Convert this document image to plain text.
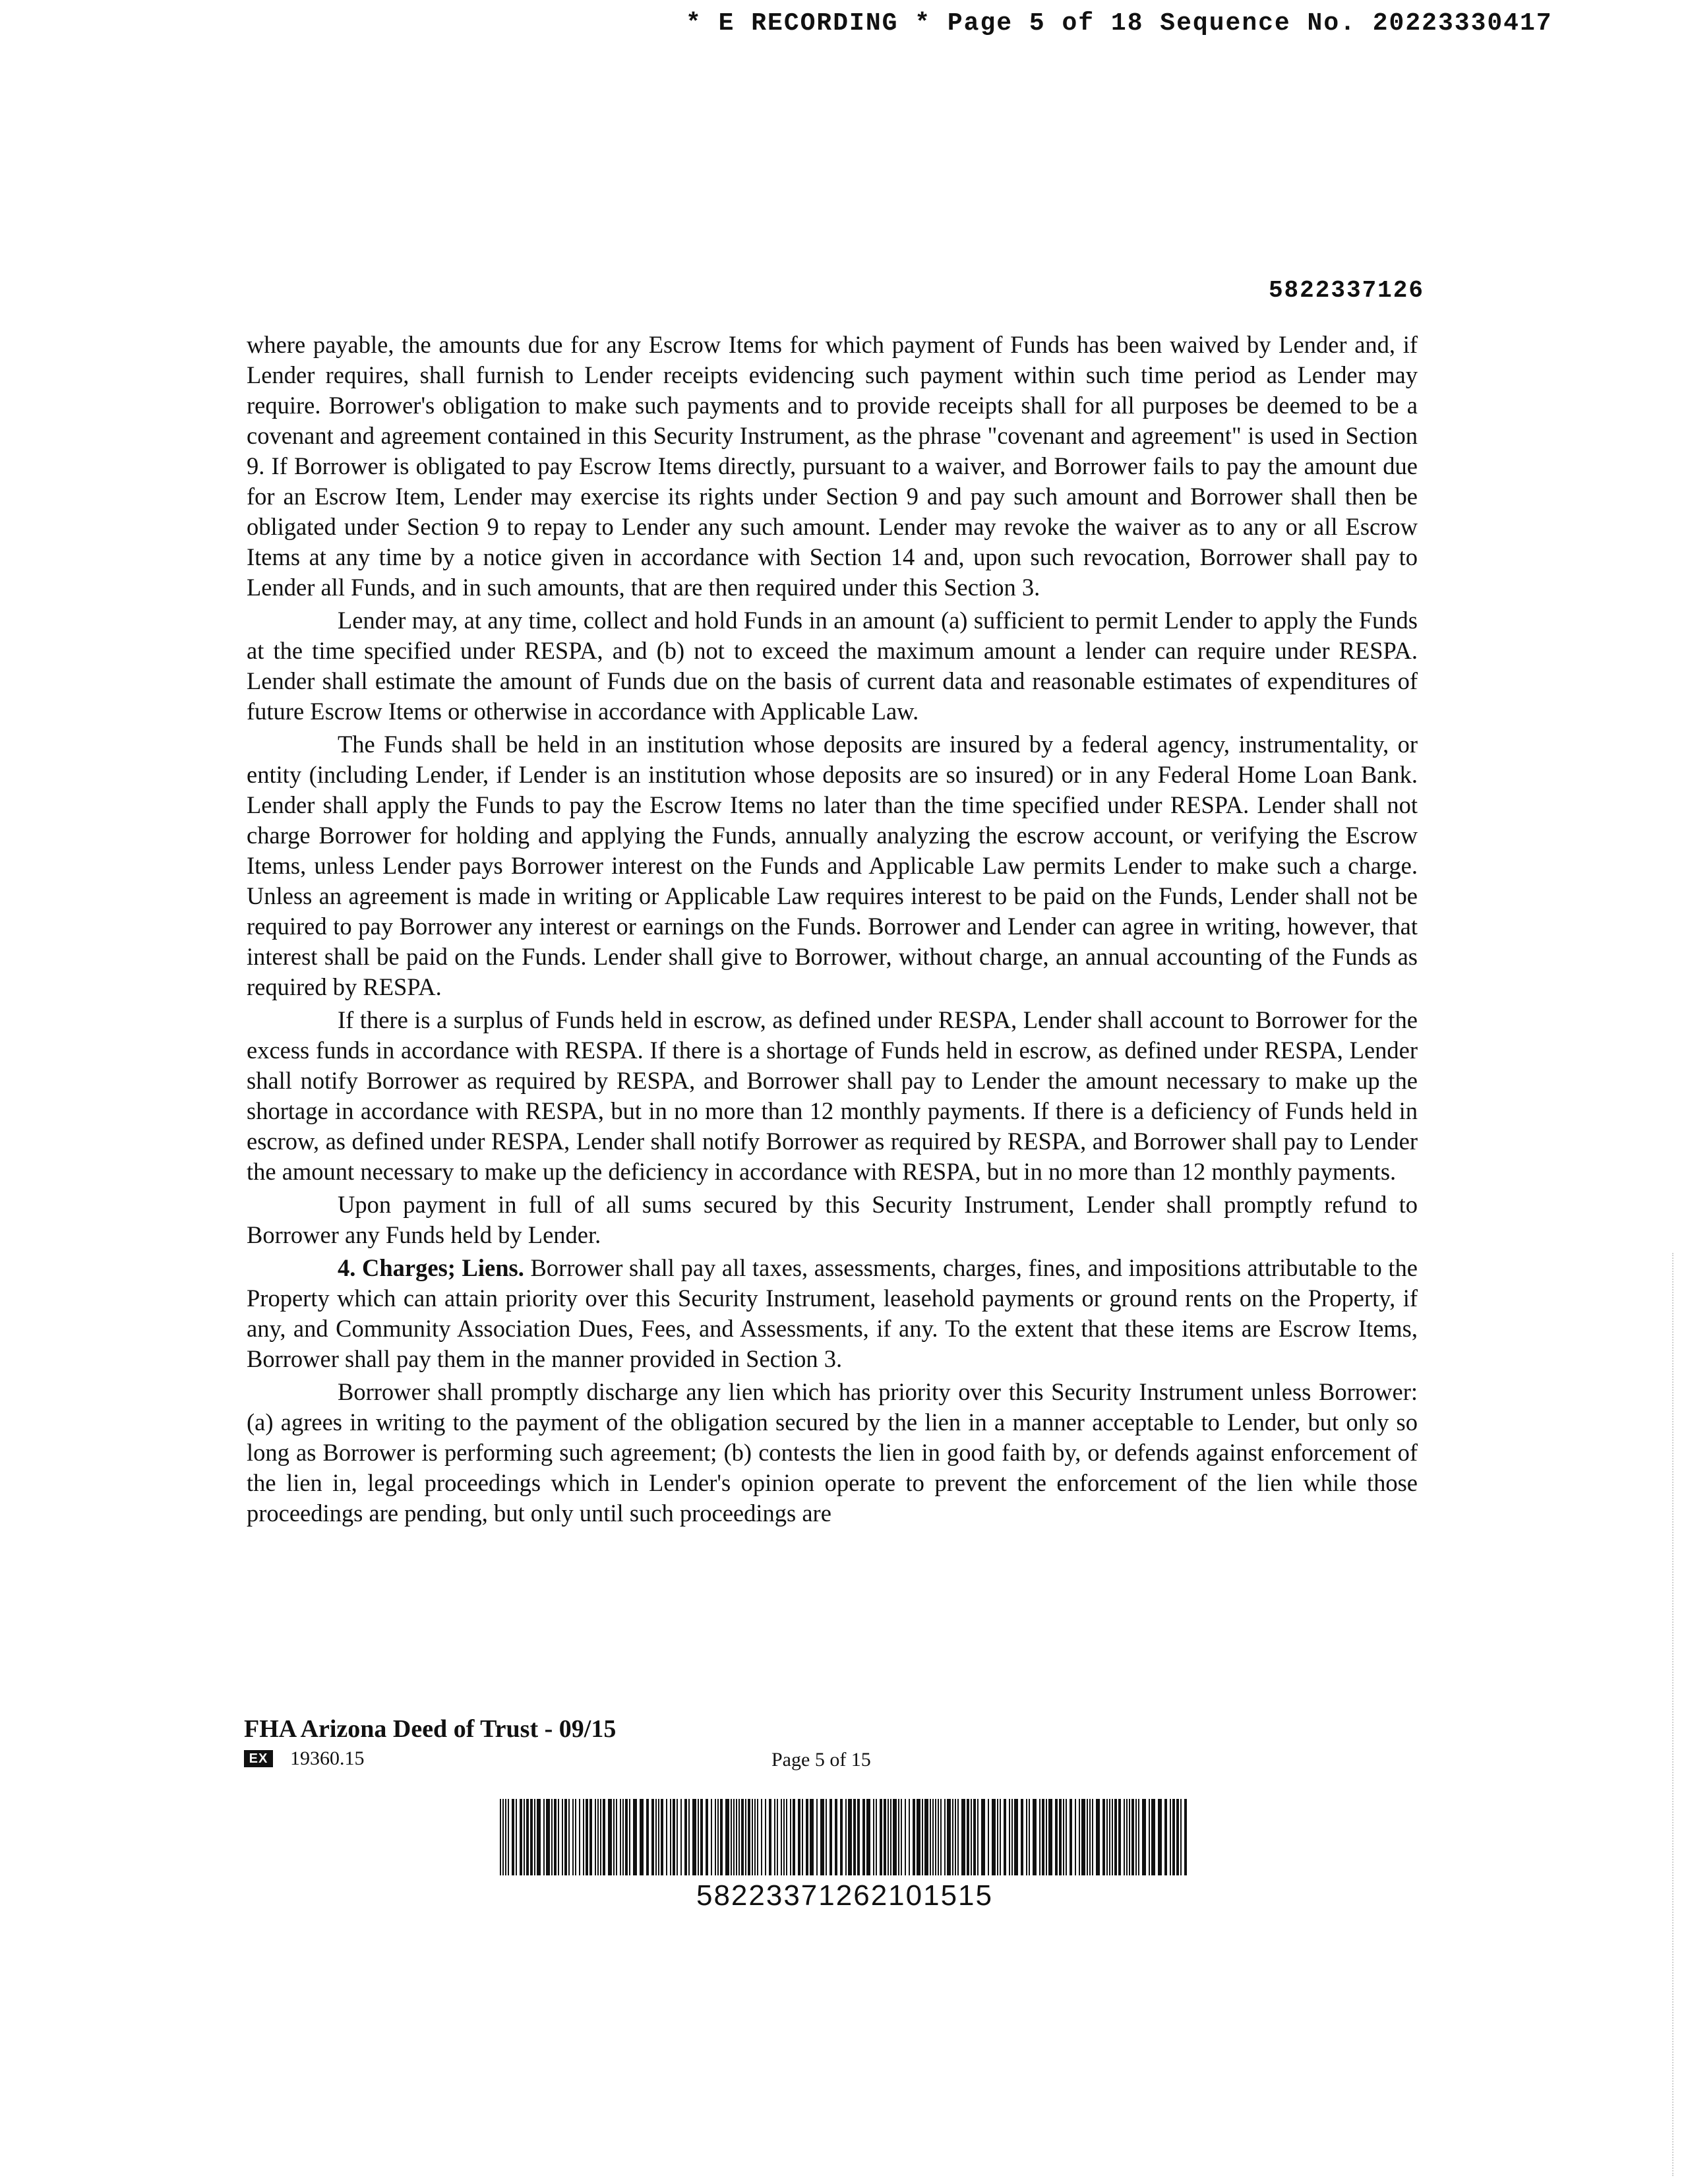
* E RECORDING * Page 5 of 18 Sequence No. 20223330417
5822337126

where payable, the amounts due for any Escrow Items for which payment of Funds has been waived by Lender and, if Lender requires, shall furnish to Lender receipts evidencing such payment within such time period as Lender may require. Borrower's obligation to make such payments and to provide receipts shall for all purposes be deemed to be a covenant and agreement contained in this Security Instrument, as the phrase "covenant and agreement" is used in Section 9. If Borrower is obligated to pay Escrow Items directly, pursuant to a waiver, and Borrower fails to pay the amount due for an Escrow Item, Lender may exercise its rights under Section 9 and pay such amount and Borrower shall then be obligated under Section 9 to repay to Lender any such amount. Lender may revoke the waiver as to any or all Escrow Items at any time by a notice given in accordance with Section 14 and, upon such revocation, Borrower shall pay to Lender all Funds, and in such amounts, that are then required under this Section 3.

Lender may, at any time, collect and hold Funds in an amount (a) sufficient to permit Lender to apply the Funds at the time specified under RESPA, and (b) not to exceed the maximum amount a lender can require under RESPA. Lender shall estimate the amount of Funds due on the basis of current data and reasonable estimates of expenditures of future Escrow Items or otherwise in accordance with Applicable Law.

The Funds shall be held in an institution whose deposits are insured by a federal agency, instrumentality, or entity (including Lender, if Lender is an institution whose deposits are so insured) or in any Federal Home Loan Bank. Lender shall apply the Funds to pay the Escrow Items no later than the time specified under RESPA. Lender shall not charge Borrower for holding and applying the Funds, annually analyzing the escrow account, or verifying the Escrow Items, unless Lender pays Borrower interest on the Funds and Applicable Law permits Lender to make such a charge. Unless an agreement is made in writing or Applicable Law requires interest to be paid on the Funds, Lender shall not be required to pay Borrower any interest or earnings on the Funds. Borrower and Lender can agree in writing, however, that interest shall be paid on the Funds. Lender shall give to Borrower, without charge, an annual accounting of the Funds as required by RESPA.

If there is a surplus of Funds held in escrow, as defined under RESPA, Lender shall account to Borrower for the excess funds in accordance with RESPA. If there is a shortage of Funds held in escrow, as defined under RESPA, Lender shall notify Borrower as required by RESPA, and Borrower shall pay to Lender the amount necessary to make up the shortage in accordance with RESPA, but in no more than 12 monthly payments. If there is a deficiency of Funds held in escrow, as defined under RESPA, Lender shall notify Borrower as required by RESPA, and Borrower shall pay to Lender the amount necessary to make up the deficiency in accordance with RESPA, but in no more than 12 monthly payments.

Upon payment in full of all sums secured by this Security Instrument, Lender shall promptly refund to Borrower any Funds held by Lender.

4. Charges; Liens. Borrower shall pay all taxes, assessments, charges, fines, and impositions attributable to the Property which can attain priority over this Security Instrument, leasehold payments or ground rents on the Property, if any, and Community Association Dues, Fees, and Assessments, if any. To the extent that these items are Escrow Items, Borrower shall pay them in the manner provided in Section 3.

Borrower shall promptly discharge any lien which has priority over this Security Instrument unless Borrower: (a) agrees in writing to the payment of the obligation secured by the lien in a manner acceptable to Lender, but only so long as Borrower is performing such agreement; (b) contests the lien in good faith by, or defends against enforcement of the lien in, legal proceedings which in Lender's opinion operate to prevent the enforcement of the lien while those proceedings are pending, but only until such proceedings are

FHA Arizona Deed of Trust - 09/15
EX 19360.15	Page 5 of 15
58223371262101515
